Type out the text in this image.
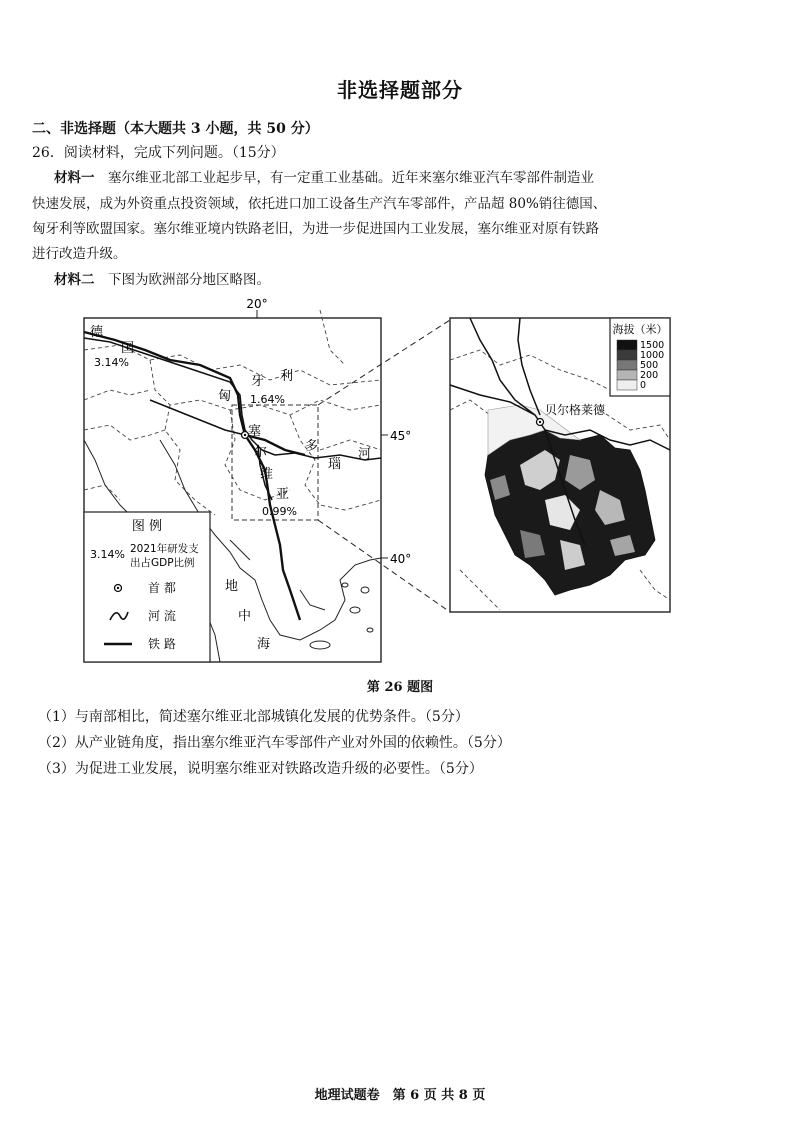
非选择题部分
二、非选择题（本大题共 3 小题，共 50 分）
26．阅读材料，完成下列问题。（15分）
材料一　 塞尔维亚北部工业起步早，有一定重工业基础。近年来塞尔维亚汽车零部件制造业
快速发展，成为外资重点投资领域，依托进口加工设备生产汽车零部件，产品超 80%销往德国、
匈牙利等欧盟国家。塞尔维亚境内铁路老旧，为进一步促进国内工业发展，塞尔维亚对原有铁路
进行改造升级。
材料二　 下图为欧洲部分地区略图。
20°
45°
40°
德
国
3.14%
匈
牙 利
1.64%
塞
尔
维
亚
0.99%
多
瑙
河
地
中
海
图 例
3.14% 2021年研发支
出占GDP比例
首 都
河 流
铁 路
贝尔格莱德
海拔（米）
1500
1000
500
200
0
第 26 题图
（1）与南部相比，简述塞尔维亚北部城镇化发展的优势条件。（5分）
（2）从产业链角度，指出塞尔维亚汽车零部件产业对外国的依赖性。（5分）
（3）为促进工业发展，说明塞尔维亚对铁路改造升级的必要性。（5分）
地理试题卷　第 6 页 共 8 页
